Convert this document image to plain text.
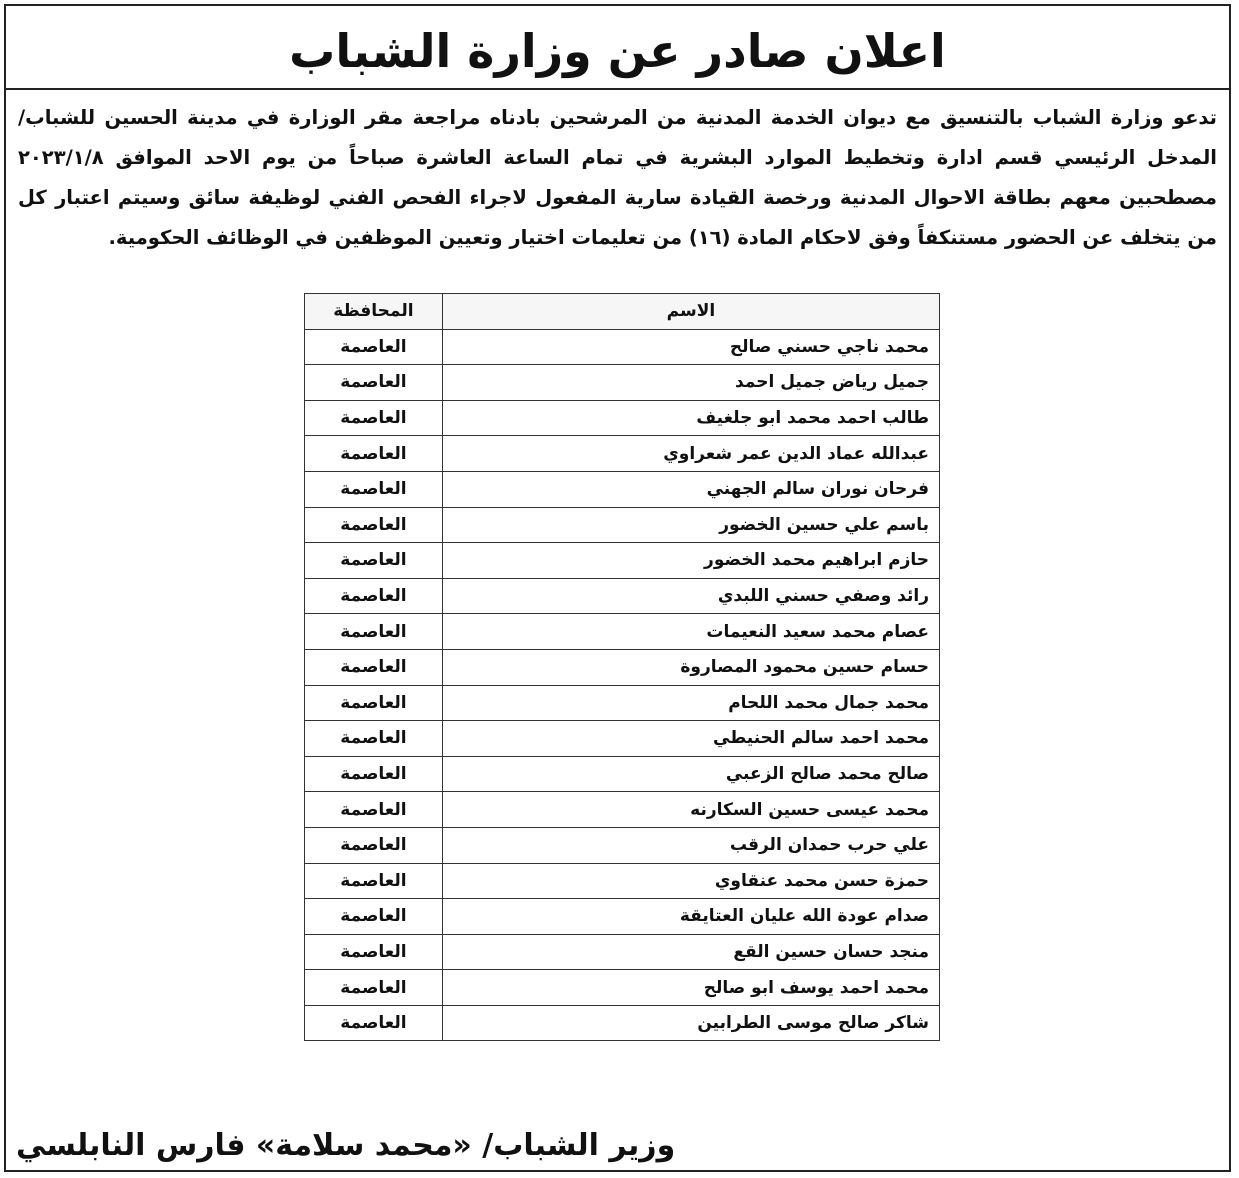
اعلان صادر عن وزارة الشباب
تدعو وزارة الشباب بالتنسيق مع ديوان الخدمة المدنية من المرشحين بادناه مراجعة مقر الوزارة في مدينة الحسين للشباب/ المدخل الرئيسي قسم ادارة وتخطيط الموارد البشرية في تمام الساعة العاشرة صباحاً من يوم الاحد الموافق ٢٠٢٣/١/٨ مصطحبين معهم بطاقة الاحوال المدنية ورخصة القيادة سارية المفعول لاجراء الفحص الفني لوظيفة سائق وسيتم اعتبار كل من يتخلف عن الحضور مستنكفاً وفق لاحكام المادة (١٦) من تعليمات اختيار وتعيين الموظفين في الوظائف الحكومية.
الاسم	المحافظة
محمد ناجي حسني صالح	العاصمة
جميل رياض جميل احمد	العاصمة
طالب احمد محمد ابو جلغيف	العاصمة
عبدالله عماد الدين عمر شعراوي	العاصمة
فرحان نوران سالم الجهني	العاصمة
باسم علي حسين الخضور	العاصمة
حازم ابراهيم محمد الخضور	العاصمة
رائد وصفي حسني اللبدي	العاصمة
عصام محمد سعيد النعيمات	العاصمة
حسام حسين محمود المصاروة	العاصمة
محمد جمال محمد اللحام	العاصمة
محمد احمد سالم الحنيطي	العاصمة
صالح محمد صالح الزعبي	العاصمة
محمد عيسى حسين السكارنه	العاصمة
علي حرب حمدان الرقب	العاصمة
حمزة حسن محمد عنقاوي	العاصمة
صدام عودة الله عليان العتايقة	العاصمة
منجد حسان حسين القع	العاصمة
محمد احمد يوسف ابو صالح	العاصمة
شاكر صالح موسى الطرابين	العاصمة
وزير الشباب/ «محمد سلامة» فارس النابلسي
